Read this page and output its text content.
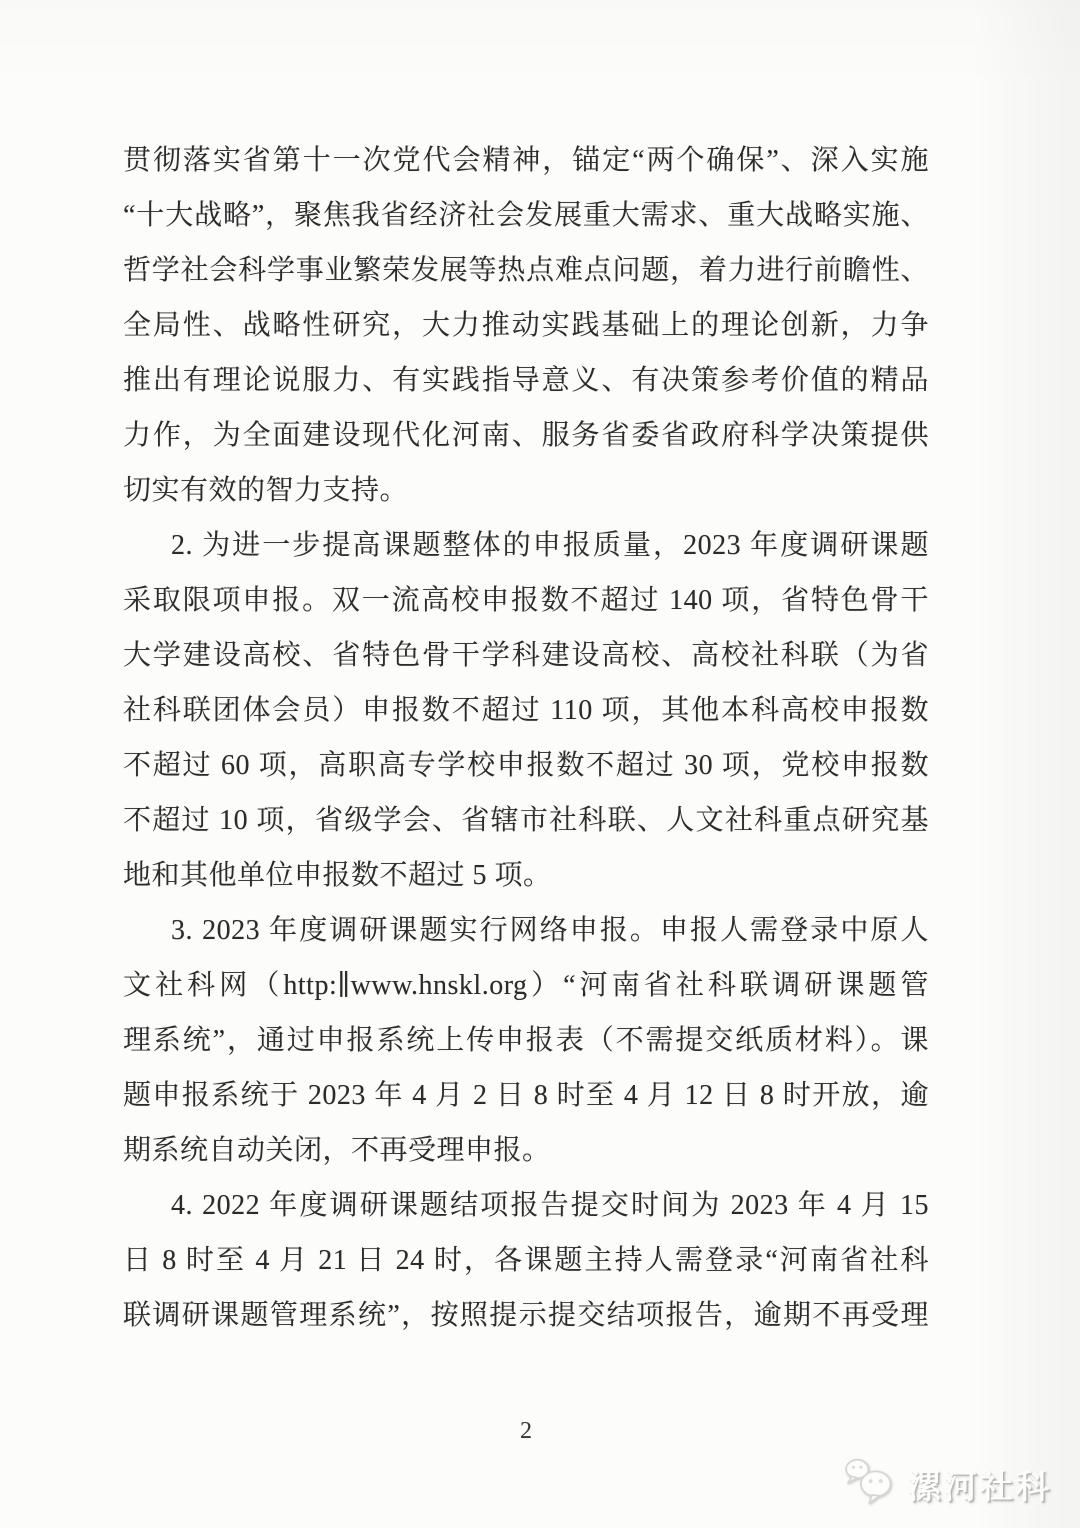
贯彻落实省第十一次党代会精神，锚定“两个确保”、深入实施
“十大战略”，聚焦我省经济社会发展重大需求、重大战略实施、
哲学社会科学事业繁荣发展等热点难点问题，着力进行前瞻性、
全局性、战略性研究，大力推动实践基础上的理论创新，力争
推出有理论说服力、有实践指导意义、有决策参考价值的精品
力作，为全面建设现代化河南、服务省委省政府科学决策提供
切实有效的智力支持。
2. 为进一步提高课题整体的申报质量，2023 年度调研课题
采取限项申报。双一流高校申报数不超过 140 项，省特色骨干
大学建设高校、省特色骨干学科建设高校、高校社科联（为省
社科联团体会员）申报数不超过 110 项，其他本科高校申报数
不超过 60 项，高职高专学校申报数不超过 30 项，党校申报数
不超过 10 项，省级学会、省辖市社科联、人文社科重点研究基
地和其他单位申报数不超过 5 项。
3. 2023 年度调研课题实行网络申报。申报人需登录中原人
文社科网（http:∥www.hnskl.org）“河南省社科联调研课题管
理系统”，通过申报系统上传申报表（不需提交纸质材料）。课
题申报系统于 2023 年 4 月 2 日 8 时至 4 月 12 日 8 时开放，逾
期系统自动关闭，不再受理申报。
4. 2022 年度调研课题结项报告提交时间为 2023 年 4 月 15
日 8 时至 4 月 21 日 24 时，各课题主持人需登录“河南省社科
联调研课题管理系统”，按照提示提交结项报告，逾期不再受理
2
漯河社科
